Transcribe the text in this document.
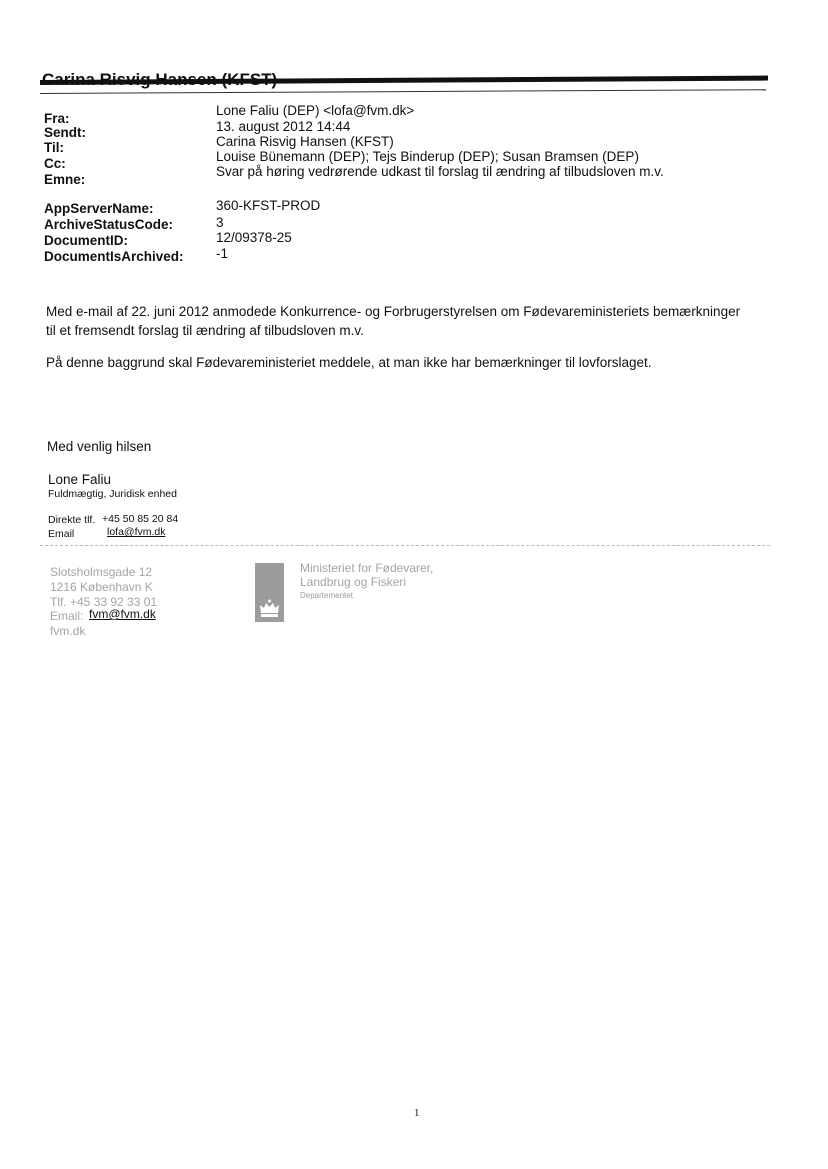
Fra:
Sendt:
Til:
Cc:
Emne:
Lone Faliu (DEP) <lofa@fvm.dk>
13. august 2012 14:44
Carina Risvig Hansen (KFST)
Louise Bünemann (DEP); Tejs Binderup (DEP); Susan Bramsen (DEP)
Svar på høring vedrørende udkast til forslag til ændring af tilbudsloven m.v.
AppServerName:
ArchiveStatusCode:
DocumentID:
DocumentIsArchived:
360-KFST-PROD
3
12/09378-25
-1
Med e-mail af 22. juni 2012 anmodede Konkurrence- og Forbrugerstyrelsen om Fødevareministeriets bemærkninger
til et fremsendt forslag til ændring af tilbudsloven m.v.
På denne baggrund skal Fødevareministeriet meddele, at man ikke har bemærkninger til lovforslaget.
Med venlig hilsen
Lone Faliu
Fuldmægtig, Juridisk enhed
Direkte tlf. +45 50 85 20 84
Email	lofa@fvm.dk
Slotsholmsgade 12
1216 København K
Tlf. +45 33 92 33 01
Email: fvm@fvm.dk
fvm.dk
Ministeriet for Fødevarer,
Landbrug og Fiskeri
Departementet
1
